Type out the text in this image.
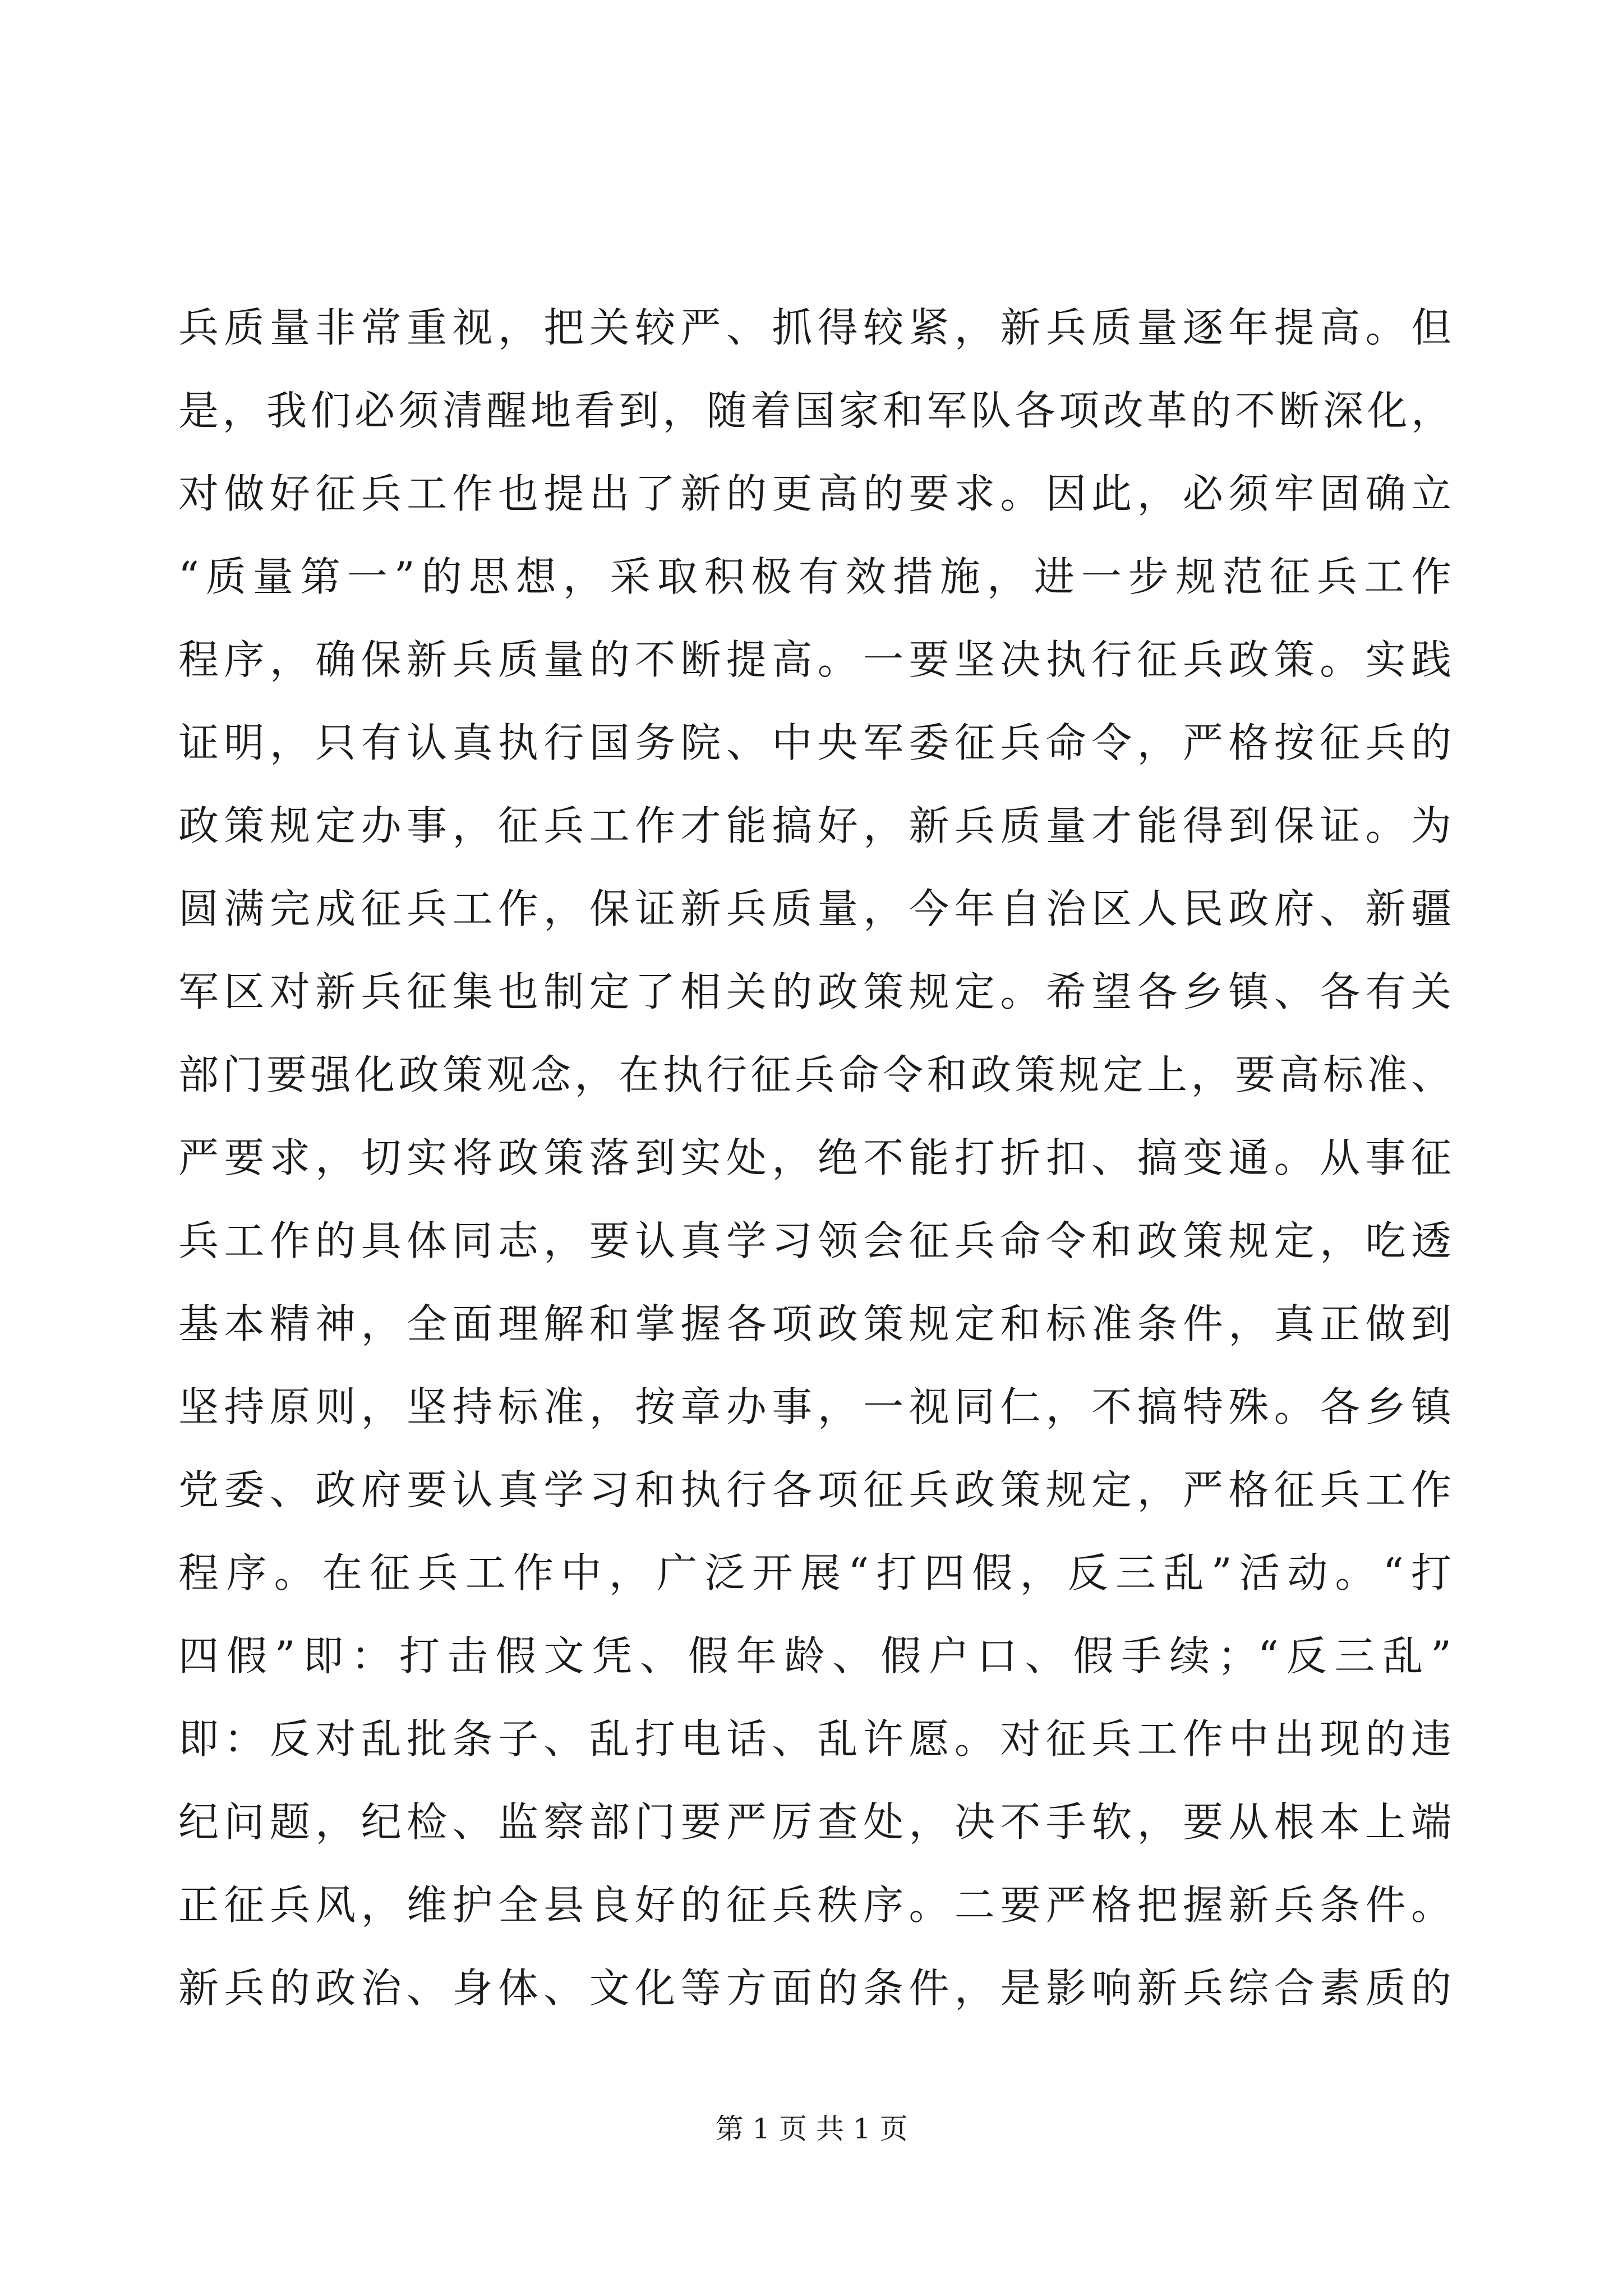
兵质量非常重视，把关较严、抓得较紧，新兵质量逐年提高。但
是，我们必须清醒地看到，随着国家和军队各项改革的不断深化，
对做好征兵工作也提出了新的更高的要求。因此，必须牢固确立
“质量第一”的思想，采取积极有效措施，进一步规范征兵工作
程序，确保新兵质量的不断提高。一要坚决执行征兵政策。实践
证明，只有认真执行国务院、中央军委征兵命令，严格按征兵的
政策规定办事，征兵工作才能搞好，新兵质量才能得到保证。为
圆满完成征兵工作，保证新兵质量，今年自治区人民政府、新疆
军区对新兵征集也制定了相关的政策规定。希望各乡镇、各有关
部门要强化政策观念，在执行征兵命令和政策规定上，要高标准、
严要求，切实将政策落到实处，绝不能打折扣、搞变通。从事征
兵工作的具体同志，要认真学习领会征兵命令和政策规定，吃透
基本精神，全面理解和掌握各项政策规定和标准条件，真正做到
坚持原则，坚持标准，按章办事，一视同仁，不搞特殊。各乡镇
党委、政府要认真学习和执行各项征兵政策规定，严格征兵工作
程序。在征兵工作中，广泛开展“打四假，反三乱”活动。“打
四假”即：打击假文凭、假年龄、假户口、假手续；“反三乱”
即：反对乱批条子、乱打电话、乱许愿。对征兵工作中出现的违
纪问题，纪检、监察部门要严厉查处，决不手软，要从根本上端
正征兵风，维护全县良好的征兵秩序。二要严格把握新兵条件。
新兵的政治、身体、文化等方面的条件，是影响新兵综合素质的
第 1 页 共 1 页
